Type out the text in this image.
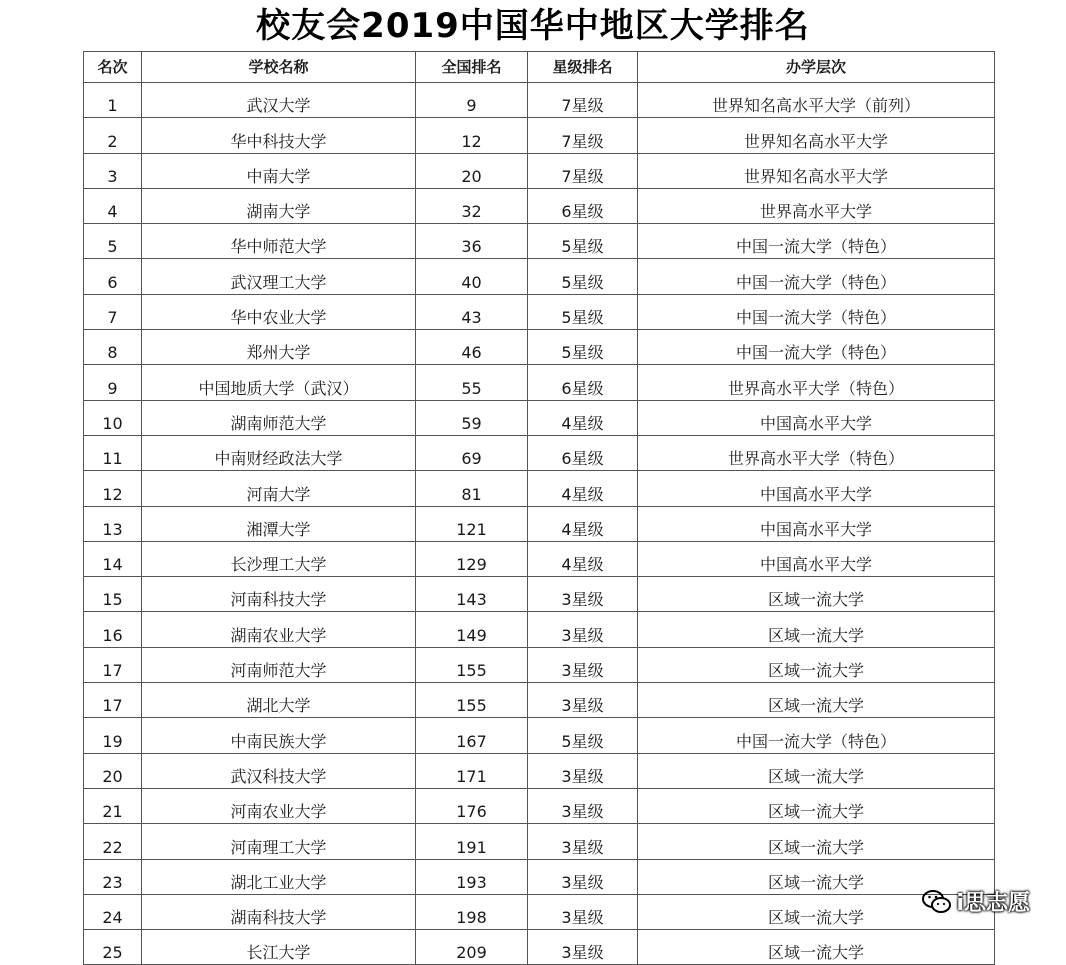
校友会2019中国华中地区大学排名
名次	学校名称	全国排名	星级排名	办学层次
1	武汉大学	9	7星级	世界知名高水平大学（前列）
2	华中科技大学	12	7星级	世界知名高水平大学
3	中南大学	20	7星级	世界知名高水平大学
4	湖南大学	32	6星级	世界高水平大学
5	华中师范大学	36	5星级	中国一流大学（特色）
6	武汉理工大学	40	5星级	中国一流大学（特色）
7	华中农业大学	43	5星级	中国一流大学（特色）
8	郑州大学	46	5星级	中国一流大学（特色）
9	中国地质大学（武汉）	55	6星级	世界高水平大学（特色）
10	湖南师范大学	59	4星级	中国高水平大学
11	中南财经政法大学	69	6星级	世界高水平大学（特色）
12	河南大学	81	4星级	中国高水平大学
13	湘潭大学	121	4星级	中国高水平大学
14	长沙理工大学	129	4星级	中国高水平大学
15	河南科技大学	143	3星级	区域一流大学
16	湖南农业大学	149	3星级	区域一流大学
17	河南师范大学	155	3星级	区域一流大学
17	湖北大学	155	3星级	区域一流大学
19	中南民族大学	167	5星级	中国一流大学（特色）
20	武汉科技大学	171	3星级	区域一流大学
21	河南农业大学	176	3星级	区域一流大学
22	河南理工大学	191	3星级	区域一流大学
23	湖北工业大学	193	3星级	区域一流大学
24	湖南科技大学	198	3星级	区域一流大学
25	长江大学	209	3星级	区域一流大学
i思志愿
